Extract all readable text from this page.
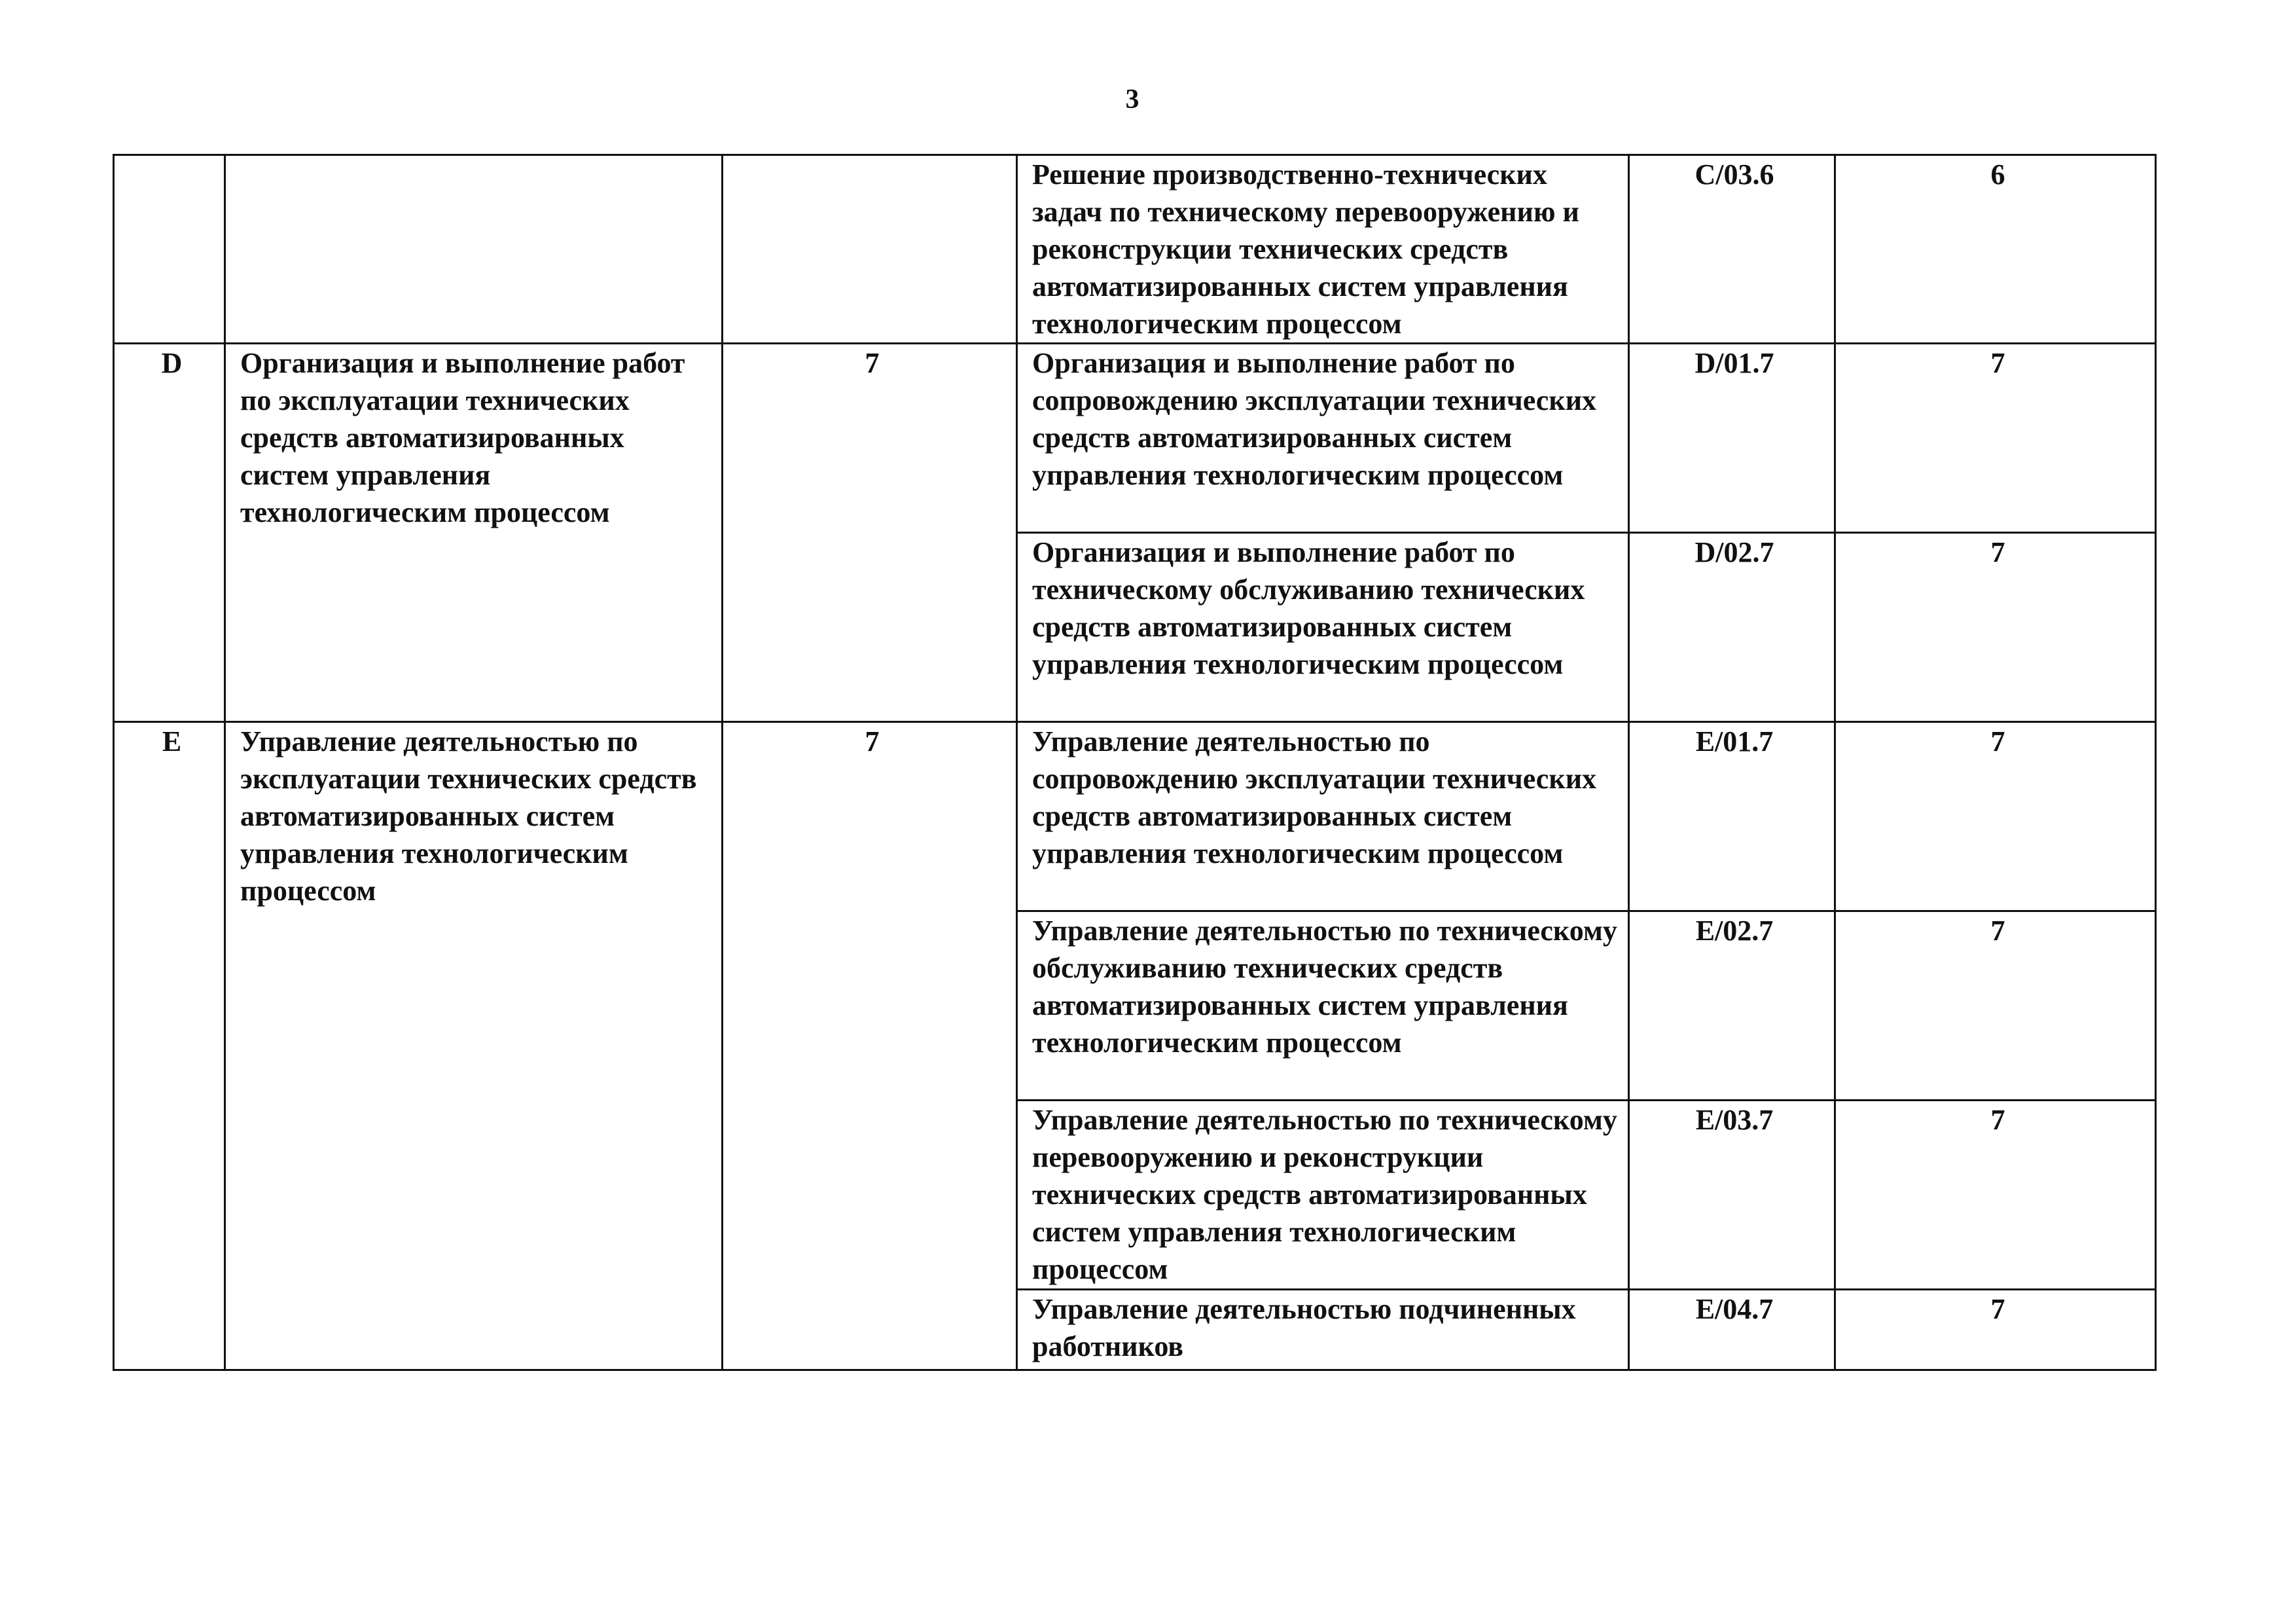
3
			Решение производственно-технических задач по техническому перевооружению и реконструкции технических средств автоматизированных систем управления технологическим процессом	C/03.6	6
D	Организация и выполнение работ по эксплуатации технических средств автоматизированных систем управления технологическим процессом	7	Организация и выполнение работ по сопровождению эксплуатации технических средств автоматизированных систем управления технологическим процессом	D/01.7	7
			Организация и выполнение работ по техническому обслуживанию технических средств автоматизированных систем управления технологическим процессом	D/02.7	7
E	Управление деятельностью по эксплуатации технических средств автоматизированных систем управления технологическим процессом	7	Управление деятельностью по сопровождению эксплуатации технических средств автоматизированных систем управления технологическим процессом	E/01.7	7
			Управление деятельностью по техническому обслуживанию технических средств автоматизированных систем управления технологическим процессом	E/02.7	7
			Управление деятельностью по техническому перевооружению и реконструкции технических средств автоматизированных систем управления технологическим процессом	E/03.7	7
			Управление деятельностью подчиненных работников	E/04.7	7
